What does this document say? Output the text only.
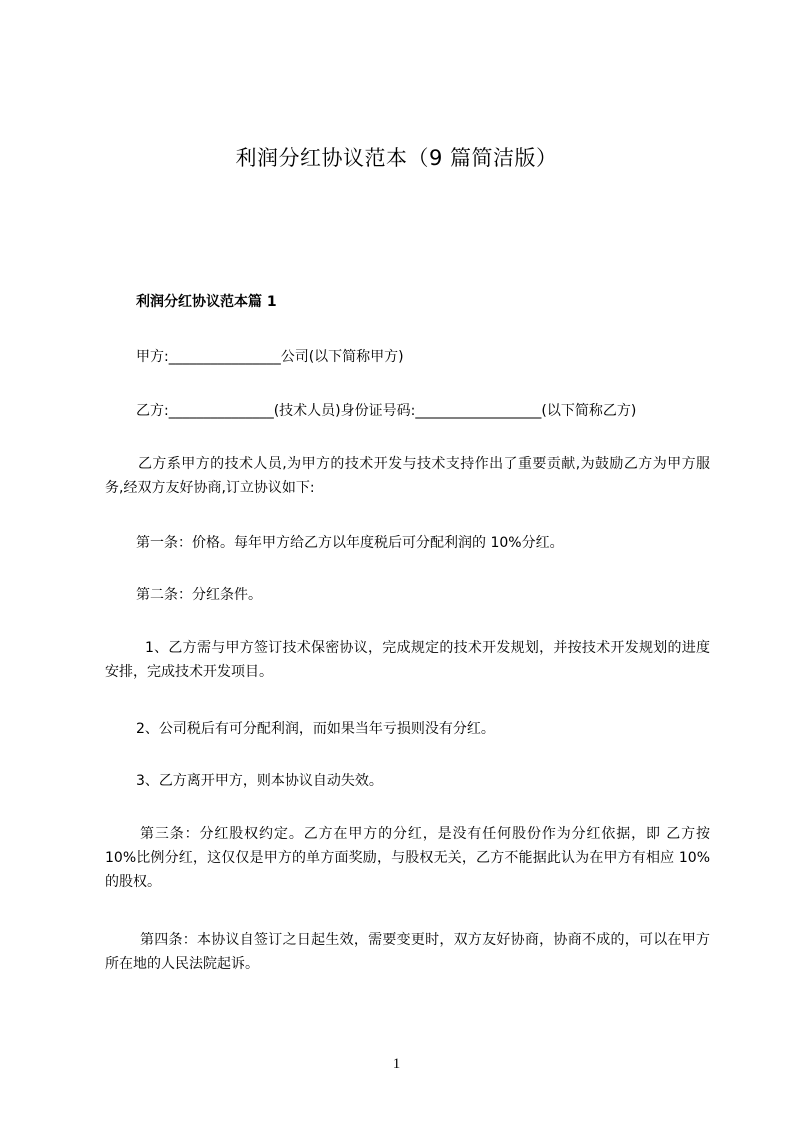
利润分红协议范本（9 篇简洁版）
利润分红协议范本篇 1
甲方:________________公司(以下简称甲方)
乙方:_______________(技术人员)身份证号码:__________________(以下简称乙方)
乙方系甲方的技术人员,为甲方的技术开发与技术支持作出了重要贡献,为鼓励乙方为甲方服务,经双方友好协商,订立协议如下:
第一条：价格。每年甲方给乙方以年度税后可分配利润的 10%分红。
第二条：分红条件。
1、乙方需与甲方签订技术保密协议，完成规定的技术开发规划，并按技术开发规划的进度安排，完成技术开发项目。
2、公司税后有可分配利润，而如果当年亏损则没有分红。
3、乙方离开甲方，则本协议自动失效。
第三条：分红股权约定。乙方在甲方的分红，是没有任何股份作为分红依据，即 乙方按 10%比例分红，这仅仅是甲方的单方面奖励，与股权无关，乙方不能据此认为在甲方有相应 10%的股权。
第四条：本协议自签订之日起生效，需要变更时，双方友好协商，协商不成的，可以在甲方所在地的人民法院起诉。
1
